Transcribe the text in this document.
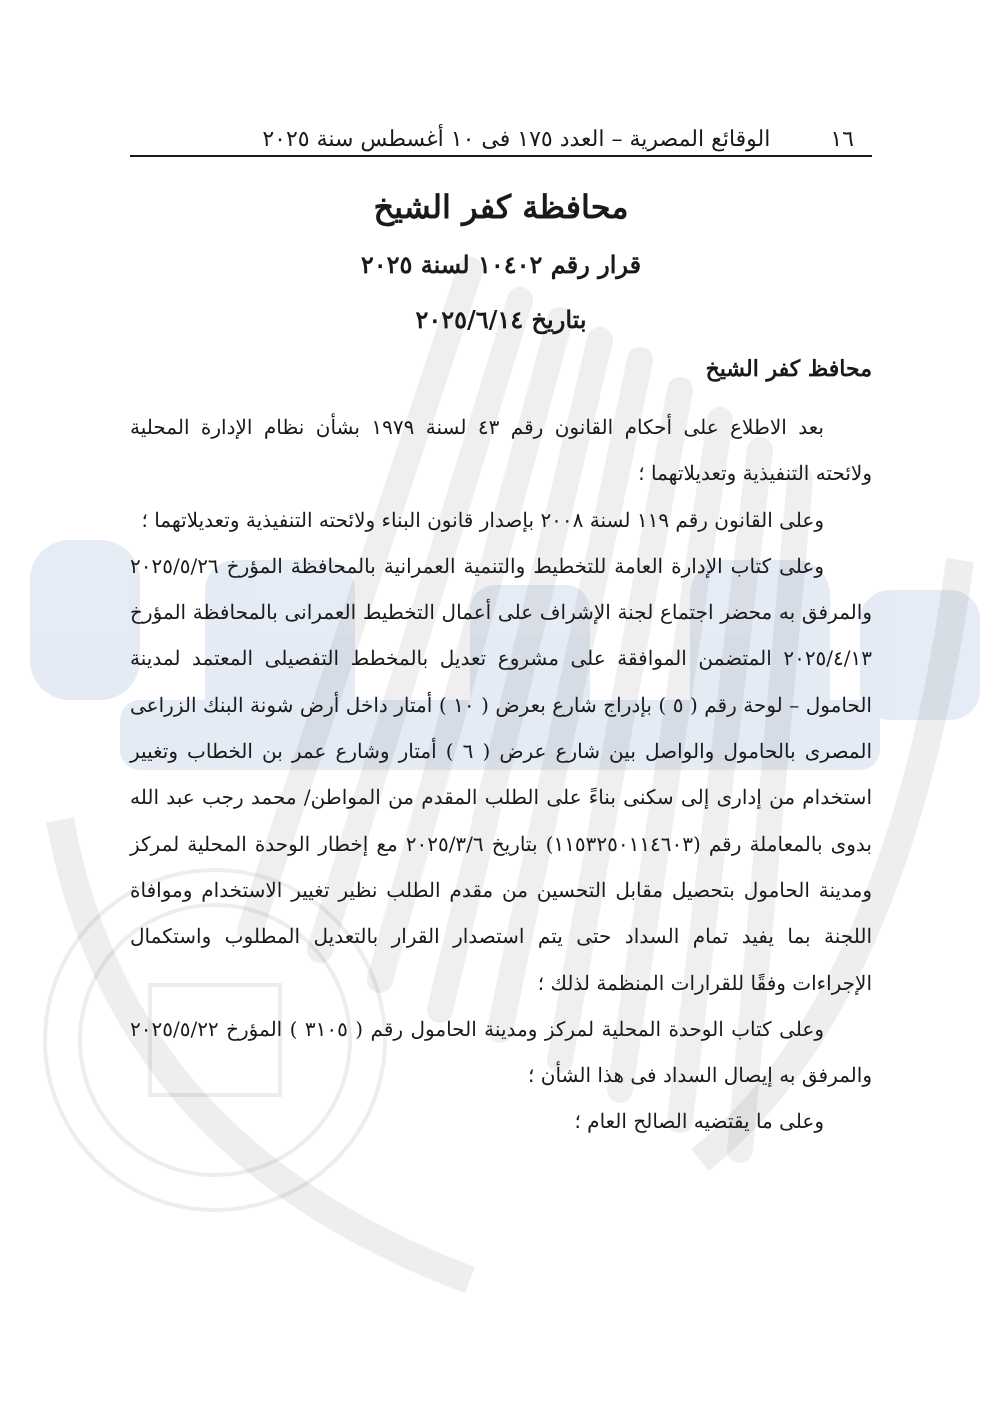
١٦
الوقائع المصرية – العدد ١٧٥ فى ١٠ أغسطس سنة ٢٠٢٥
محافظة كفر الشيخ
قرار رقم ١٠٤٠٢ لسنة ٢٠٢٥
بتاريخ ٢٠٢٥/٦/١٤
محافظ كفر الشيخ

بعد الاطلاع على أحكام القانون رقم ٤٣ لسنة ١٩٧٩ بشأن نظام الإدارة المحلية ولائحته التنفيذية وتعديلاتهما ؛

وعلى القانون رقم ١١٩ لسنة ٢٠٠٨ بإصدار قانون البناء ولائحته التنفيذية وتعديلاتهما ؛

وعلى كتاب الإدارة العامة للتخطيط والتنمية العمرانية بالمحافظة المؤرخ ٢٠٢٥/٥/٢٦ والمرفق به محضر اجتماع لجنة الإشراف على أعمال التخطيط العمرانى بالمحافظة المؤرخ ٢٠٢٥/٤/١٣ المتضمن الموافقة على مشروع تعديل بالمخطط التفصيلى المعتمد لمدينة الحامول – لوحة رقم ( ٥ ) بإدراج شارع بعرض ( ١٠ ) أمتار داخل أرض شونة البنك الزراعى المصرى بالحامول والواصل بين شارع عرض ( ٦ ) أمتار وشارع عمر بن الخطاب وتغيير استخدام من إدارى إلى سكنى بناءً على الطلب المقدم من المواطن/ محمد رجب عبد الله بدوى بالمعاملة رقم (١١٥٣٢٥٠١١٤٦٠٣) بتاريخ ٢٠٢٥/٣/٦ مع إخطار الوحدة المحلية لمركز ومدينة الحامول بتحصيل مقابل التحسين من مقدم الطلب نظير تغيير الاستخدام وموافاة اللجنة بما يفيد تمام السداد حتى يتم استصدار القرار بالتعديل المطلوب واستكمال الإجراءات وفقًا للقرارات المنظمة لذلك ؛

وعلى كتاب الوحدة المحلية لمركز ومدينة الحامول رقم ( ٣١٠٥ ) المؤرخ ٢٠٢٥/٥/٢٢ والمرفق به إيصال السداد فى هذا الشأن ؛

وعلى ما يقتضيه الصالح العام ؛
